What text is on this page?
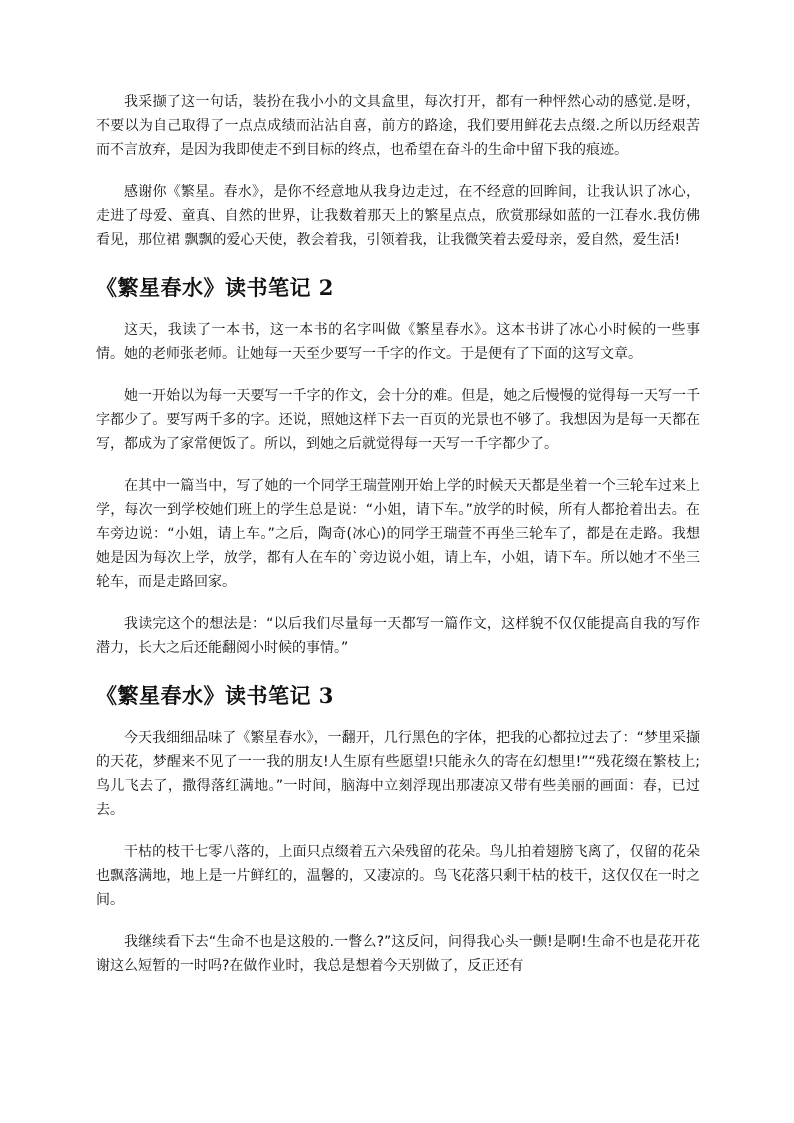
我采撷了这一句话，装扮在我小小的文具盒里，每次打开，都有一种怦然心动的感觉.是呀，不要以为自己取得了一点点成绩而沾沾自喜，前方的路途，我们要用鲜花去点缀.之所以历经艰苦而不言放弃，是因为我即使走不到目标的终点，也希望在奋斗的生命中留下我的痕迹。

感谢你《繁星。春水》，是你不经意地从我身边走过，在不经意的回眸间，让我认识了冰心，走进了母爱、童真、自然的世界，让我数着那天上的繁星点点，欣赏那绿如蓝的一江春水.我仿佛看见，那位裙 飘飘的爱心天使，教会着我，引领着我，让我微笑着去爱母亲，爱自然，爱生活!

《繁星春水》读书笔记 2

这天，我读了一本书，这一本书的名字叫做《繁星春水》。这本书讲了冰心小时候的一些事情。她的老师张老师。让她每一天至少要写一千字的作文。于是便有了下面的这写文章。

她一开始以为每一天要写一千字的作文，会十分的难。但是，她之后慢慢的觉得每一天写一千字都少了。要写两千多的字。还说，照她这样下去一百页的光景也不够了。我想因为是每一天都在写，都成为了家常便饭了。所以，到她之后就觉得每一天写一千字都少了。

在其中一篇当中，写了她的一个同学王瑞萱刚开始上学的时候天天都是坐着一个三轮车过来上学，每次一到学校她们班上的学生总是说：“小姐，请下车。”放学的时候，所有人都抢着出去。在车旁边说：“小姐，请上车。”之后，陶奇(冰心)的同学王瑞萱不再坐三轮车了，都是在走路。我想她是因为每次上学，放学，都有人在车的`旁边说小姐，请上车，小姐，请下车。所以她才不坐三轮车，而是走路回家。

我读完这个的想法是：“以后我们尽量每一天都写一篇作文，这样貌不仅仅能提高自我的写作潜力，长大之后还能翻阅小时候的事情。”

《繁星春水》读书笔记 3

今天我细细品味了《繁星春水》，一翻开，几行黑色的字体，把我的心都拉过去了：“梦里采撷的天花，梦醒来不见了一一我的朋友!人生原有些愿望!只能永久的寄在幻想里!”“残花缀在繁枝上;鸟儿飞去了，撒得落红满地。”一时间，脑海中立刻浮现出那凄凉又带有些美丽的画面：春，已过去。

干枯的枝干七零八落的，上面只点缀着五六朵残留的花朵。鸟儿拍着翅膀飞离了，仅留的花朵也飘落满地，地上是一片鲜红的，温馨的，又凄凉的。鸟飞花落只剩干枯的枝干，这仅仅在一时之间。

我继续看下去“生命不也是这般的.一瞥么?”这反问，问得我心头一颤!是啊!生命不也是花开花谢这么短暂的一时吗?在做作业时，我总是想着今天别做了，反正还有
